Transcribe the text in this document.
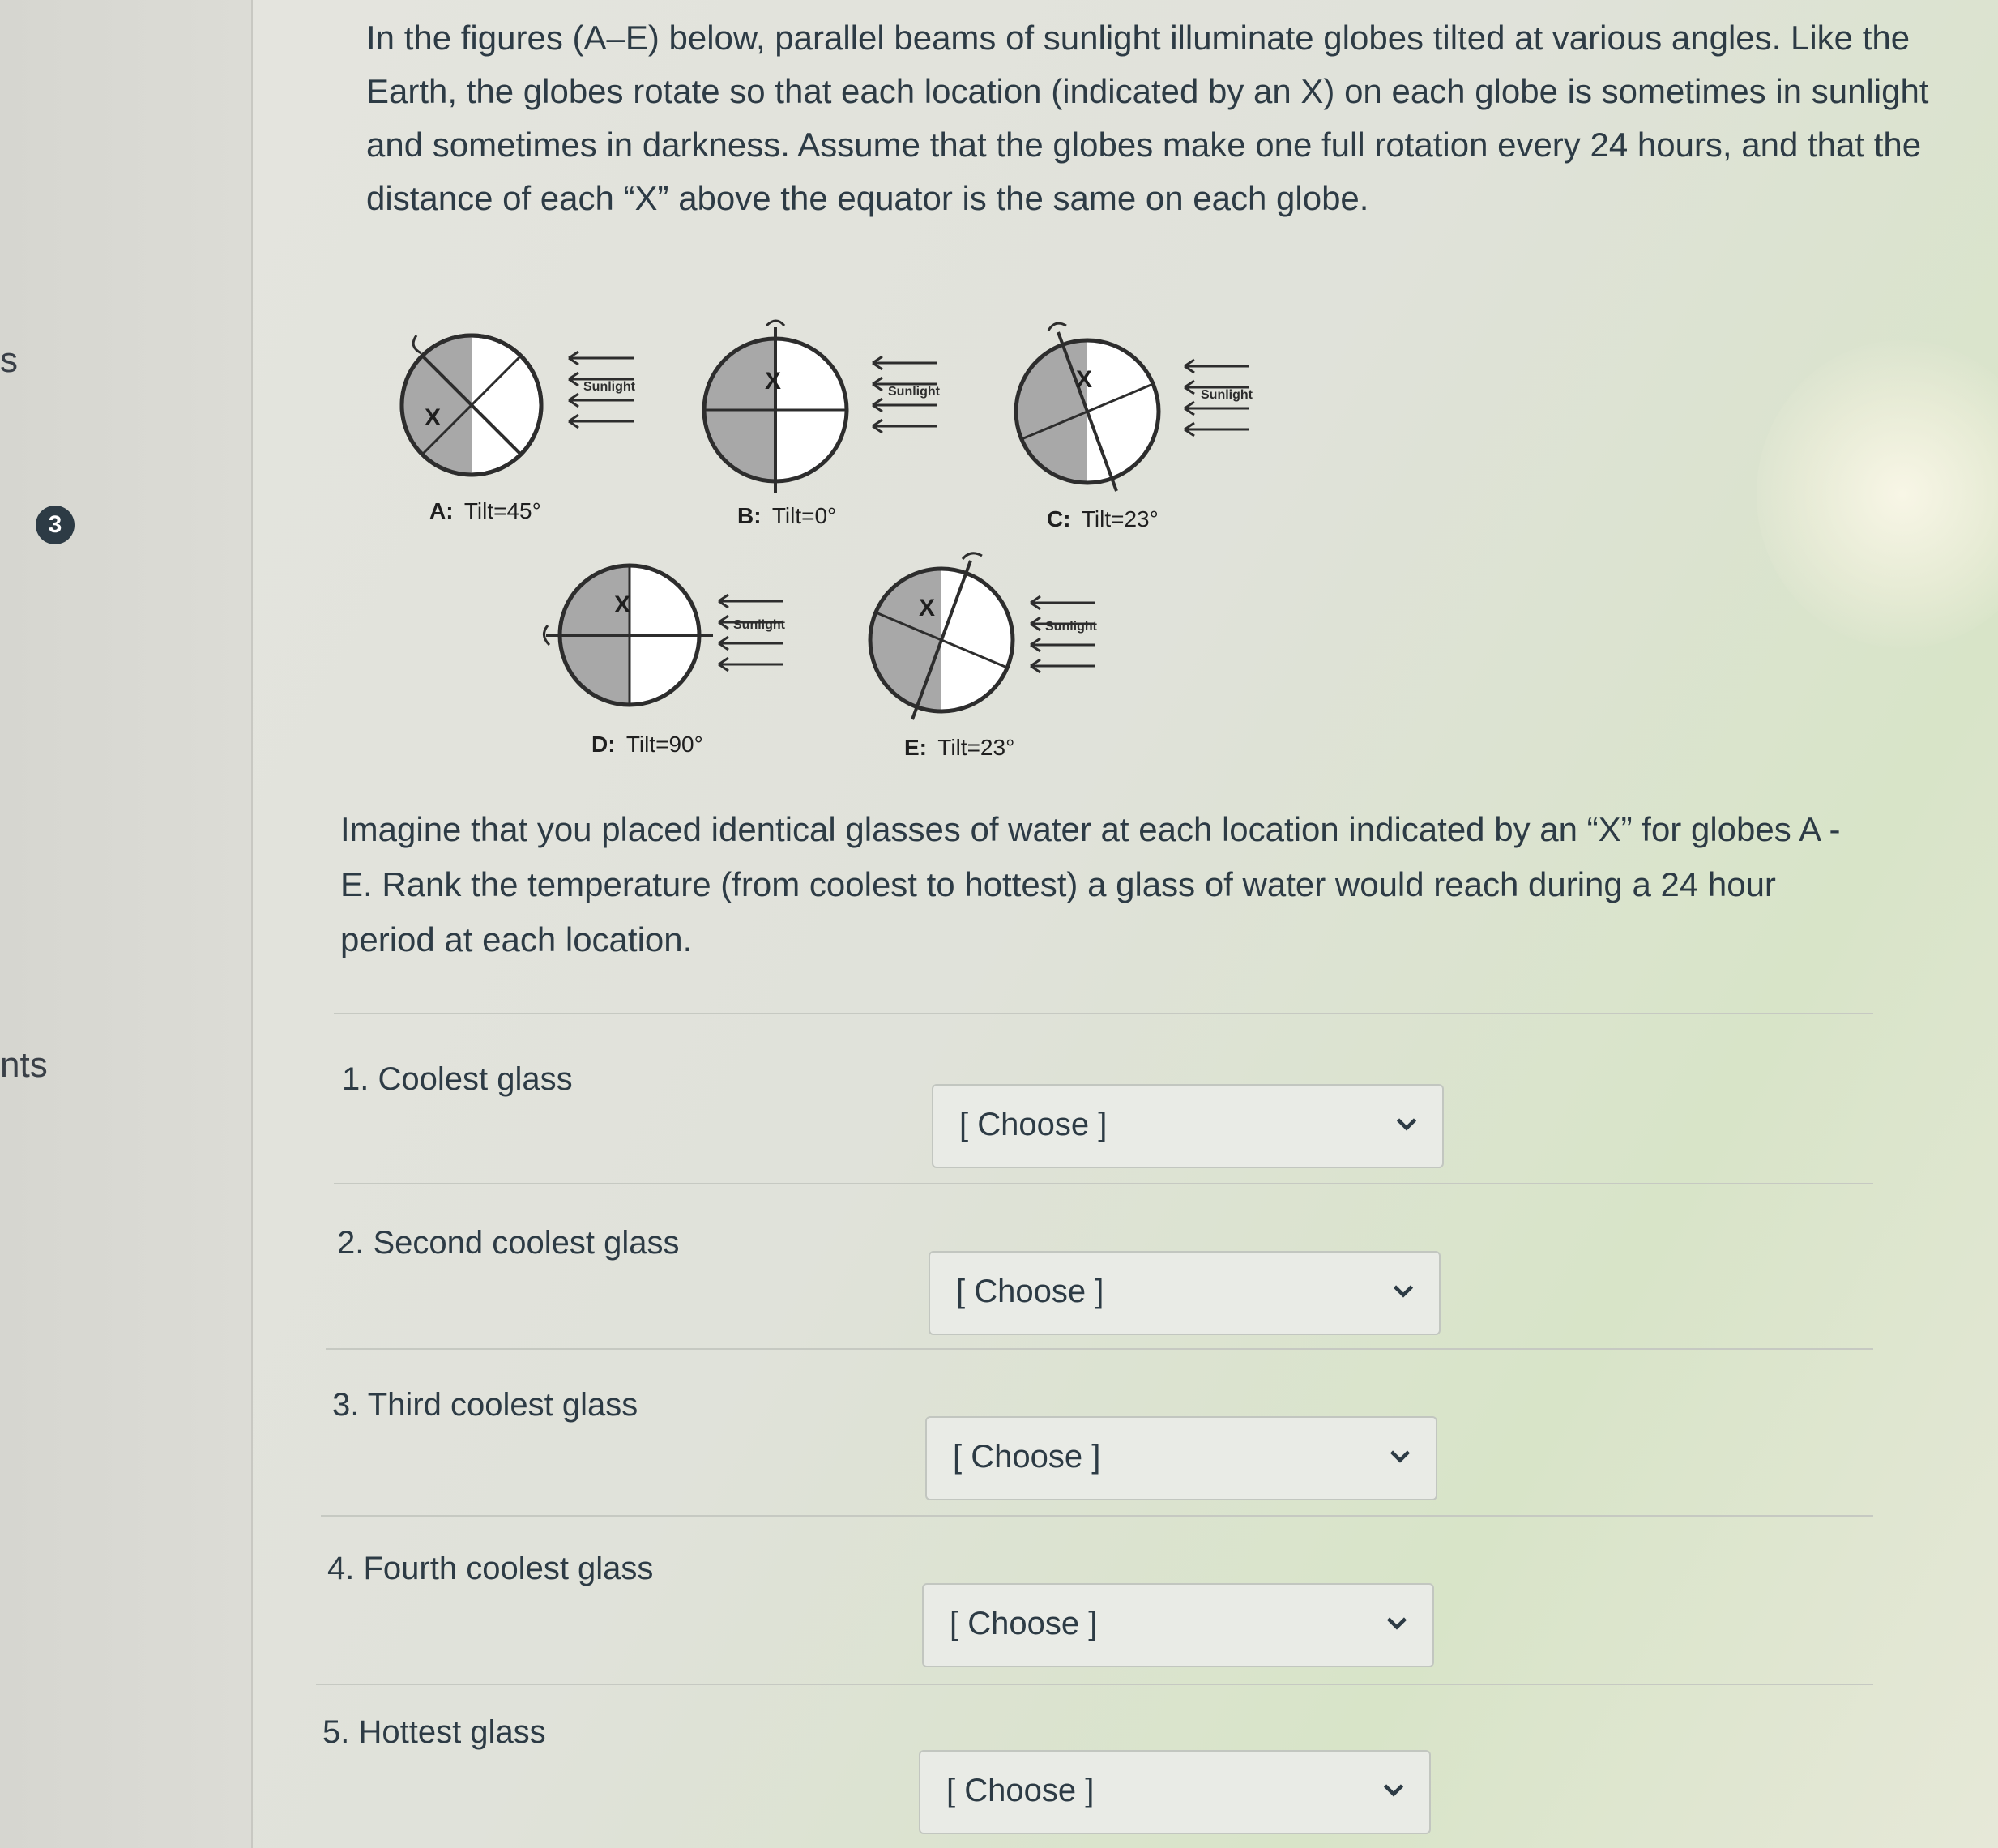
s
3
nts

In the figures (A–E) below, parallel beams of sunlight illuminate globes tilted at various angles. Like the Earth, the globes rotate so that each location (indicated by an X) on each globe is sometimes in sunlight and sometimes in darkness. Assume that the globes make one full rotation every 24 hours, and that the distance of each “X” above the equator is the same on each globe.

X
Sunlight
A: Tilt=45°
X	Sunlight
B: Tilt=0°
X
Sunlight
C: Tilt=23°
X
Sunlight
D: Tilt=90°
X
Sunlight
E: Tilt=23°

Imagine that you placed identical glasses of water at each location indicated by an “X” for globes A - E. Rank the temperature (from coolest to hottest) a glass of water would reach during a 24 hour period at each location.

1. Coolest glass
[ Choose ]
2. Second coolest glass
[ Choose ]
3. Third coolest glass
[ Choose ]
4. Fourth coolest glass
[ Choose ]
5. Hottest glass
[ Choose ]
